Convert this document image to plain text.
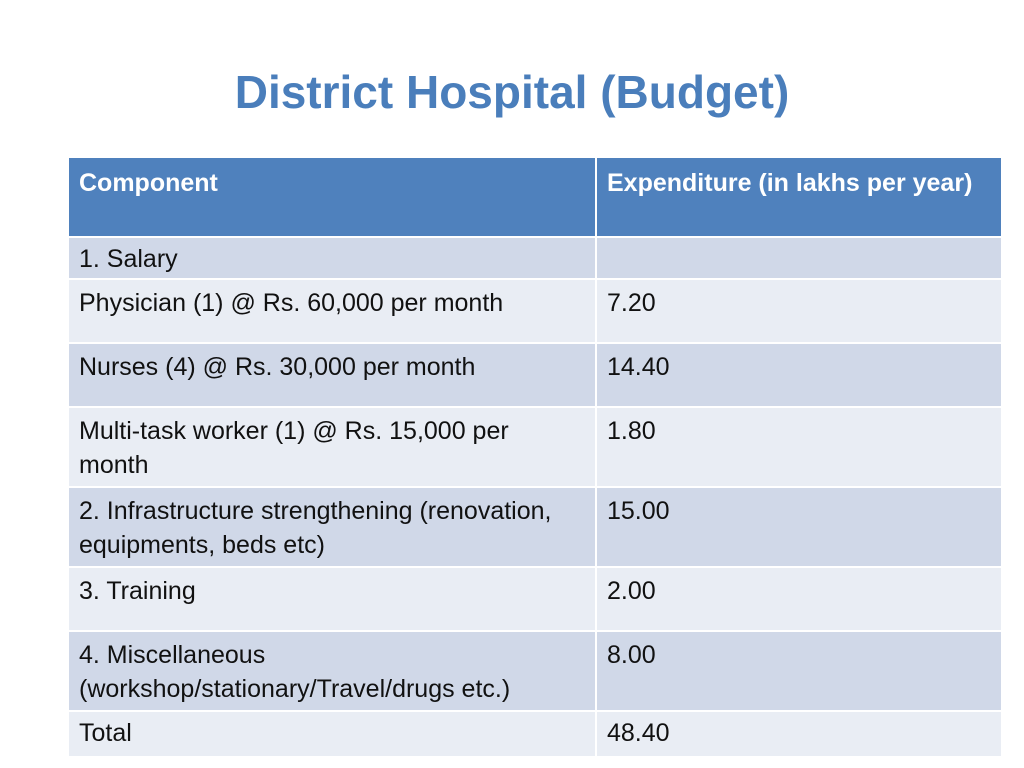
District Hospital (Budget)
Component	Expenditure (in lakhs per year)
1. Salary	
Physician (1) @ Rs. 60,000 per month	7.20
Nurses (4) @ Rs. 30,000 per month	14.40
Multi-task worker (1) @ Rs. 15,000 per month	1.80
2. Infrastructure strengthening (renovation, equipments, beds etc)	15.00
3. Training	2.00
4. Miscellaneous (workshop/stationary/Travel/drugs etc.)	8.00
Total	48.40
